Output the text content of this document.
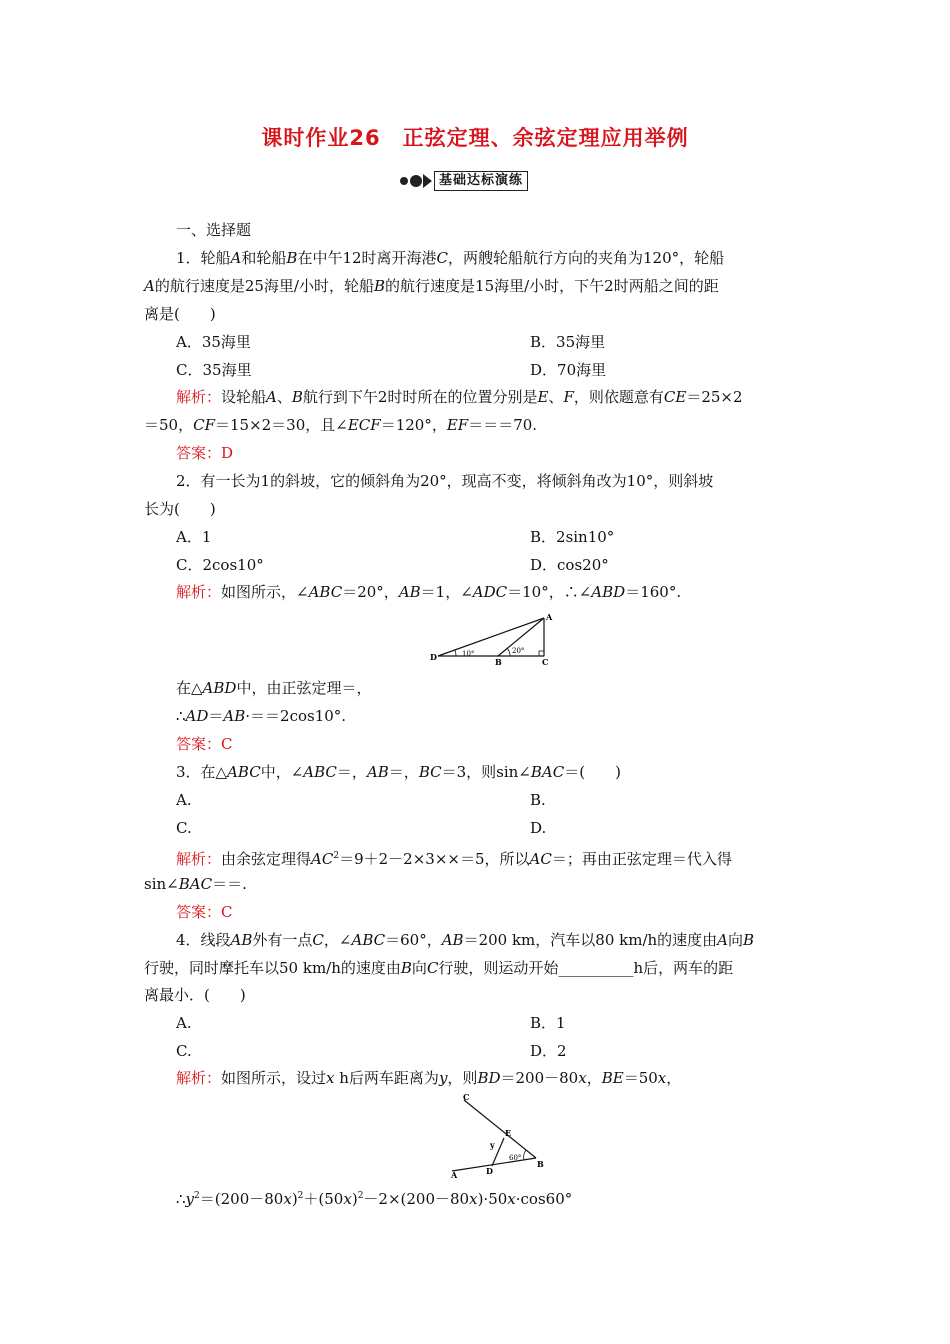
课时作业26　正弦定理、余弦定理应用举例
基础达标演练
一、选择题
1．轮船A和轮船B在中午12时离开海港C，两艘轮船航行方向的夹角为120°，轮船
A的航行速度是25海里/小时，轮船B的航行速度是15海里/小时，下午2时两船之间的距
离是(　　)
A．35海里	B．35海里
C．35海里	D．70海里
解析：设轮船A、B航行到下午2时时所在的位置分别是E、F，则依题意有CE＝25×2
＝50，CF＝15×2＝30，且∠ECF＝120°，EF＝＝＝70.
答案：D
2．有一长为1的斜坡，它的倾斜角为20°，现高不变，将倾斜角改为10°，则斜坡
长为(　　)
A．1	B．2sin10°
C．2cos10°	D．cos20°
解析：如图所示，∠ABC＝20°，AB＝1，∠ADC＝10°，∴∠ABD＝160°.
A
B	C
D	10°	20°
在△ABD中，由正弦定理＝，
∴AD＝AB·＝＝2cos10°.
答案：C
3．在△ABC中，∠ABC＝，AB＝，BC＝3，则sin∠BAC＝(　　)
A.	B.
C.	D.
解析：由余弦定理得$AC^2=9+2-2\times 3\times\times=5$，所以AC＝；再由正弦定理＝代入得
sin∠BAC＝＝.
答案：C
4．线段AB外有一点C，∠ABC＝60°，AB＝200 km，汽车以80 km/h的速度由A向B
行驶，同时摩托车以50 km/h的速度由B向C行驶，则运动开始__________h后，两车的距
离最小．(　　)
A.	B．1
C.	D．2
解析：如图所示，设过x h后两车距离为y，则BD＝200－80x，BE＝50x，
C
E
y
60°
B
D
A
$\therefore y^2=(200-80x)^2+(50x)^2-2\times(200-80x)\cdot 50x\cdot\cos 60^\circ$
